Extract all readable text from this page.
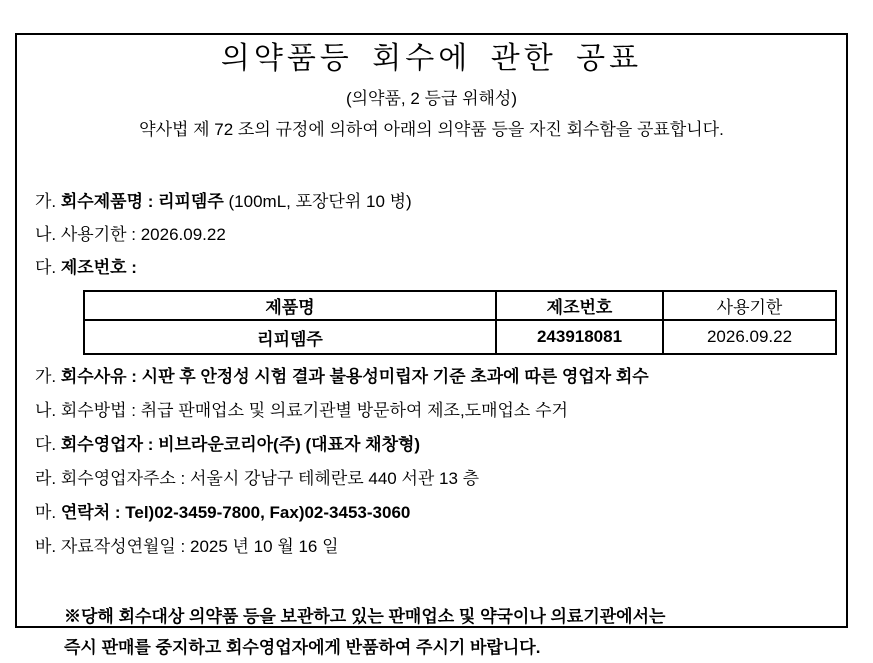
의약품등 회수에 관한 공표
(의약품, 2 등급 위해성)
약사법 제 72 조의 규정에 의하여 아래의 의약품 등을 자진 회수함을 공표합니다.
가. 회수제품명 : 리피뎀주 (100mL, 포장단위 10 병)
나. 사용기한 : 2026.09.22
다. 제조번호 :
제품명	제조번호	사용기한
리피뎀주	243918081	2026.09.22
가. 회수사유 : 시판 후 안정성 시험 결과 불용성미립자 기준 초과에 따른 영업자 회수
나. 회수방법 : 취급 판매업소 및 의료기관별 방문하여 제조,도매업소 수거
다. 회수영업자 : 비브라운코리아(주) (대표자 채창형)
라. 회수영업자주소 : 서울시 강남구 테헤란로 440 서관 13 층
마. 연락처 : Tel)02-3459-7800, Fax)02-3453-3060
바. 자료작성연월일 : 2025 년 10 월 16 일
※당해 회수대상 의약품 등을 보관하고 있는 판매업소 및 약국이나 의료기관에서는
즉시 판매를 중지하고 회수영업자에게 반품하여 주시기 바랍니다.
